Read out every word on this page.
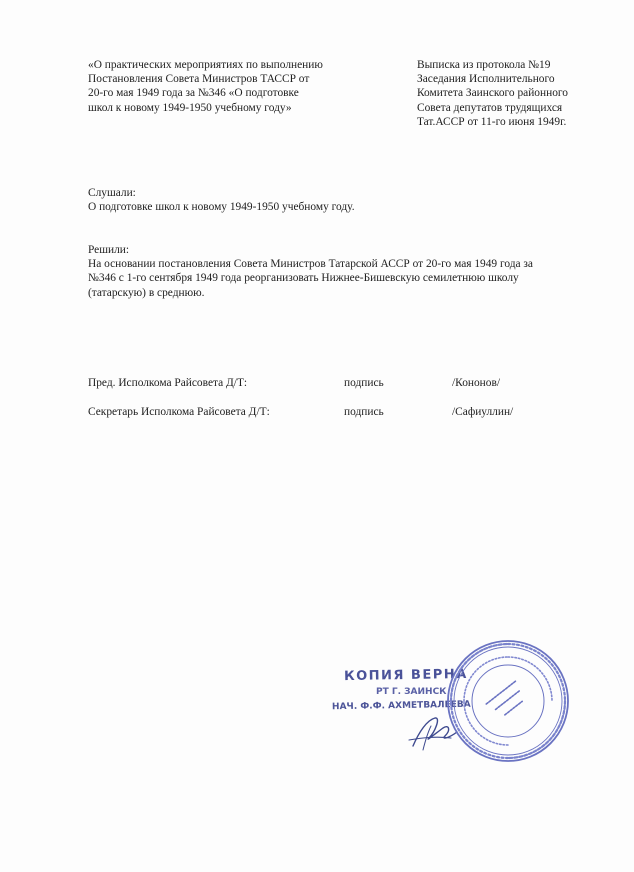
«О практических мероприятиях по выполнению
Постановления Совета Министров ТАССР от
20-го мая 1949 года за №346 «О подготовке
школ к новому 1949-1950 учебному году»
Выписка из протокола №19
Заседания Исполнительного
Комитета Заинского районного
Совета депутатов трудящихся
Тат.АССР от 11-го июня 1949г.
Слушали:
О подготовке школ к новому 1949-1950 учебному году.
Решили:
На основании постановления Совета Министров Татарской АССР от 20-го мая 1949 года за
№346 с 1-го сентября 1949 года реорганизовать Нижнее-Бишевскую семилетнюю школу
(татарскую) в среднюю.
Пред. Исполкома Райсовета Д/Т:	подпись	/Кононов/
Секретарь Исполкома Райсовета Д/Т:	подпись	/Сафиуллин/
КОПИЯ ВЕРНА
РТ Г. ЗАИНСК
НАЧ. Ф.Ф. АХМЕТВАЛЕЕВА
